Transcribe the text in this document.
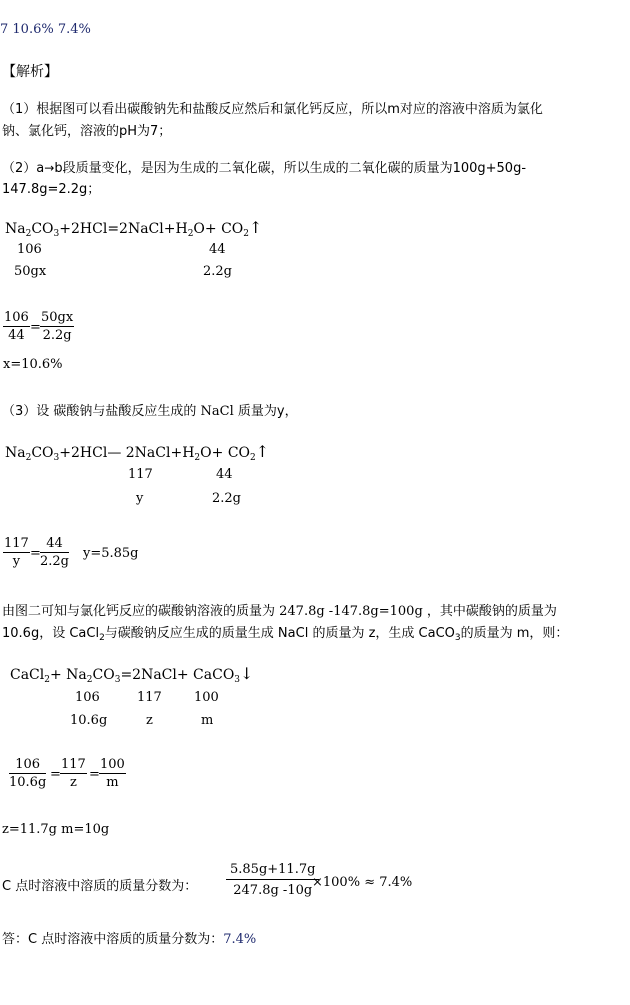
7 10.6% 7.4%
【解析】
（1）根据图可以看出碳酸钠先和盐酸反应然后和氯化钙反应，所以m对应的溶液中溶质为氯化
钠、氯化钙，溶液的pH为7；
（2）a→b段质量变化，是因为生成的二氧化碳，所以生成的二氧化碳的质量为100g+50g-
147.8g=2.2g；
$Na_2CO_3+2HCl=2NaCl+H_2O+$ $CO_2↑$
106	44
50gx	2.2g
$\frac{106}{44} = \frac{50gx}{2.2g}$
x=10.6%
（3）设 碳酸钠与盐酸反应生成的 NaCl 质量为y，
$Na_2CO_3+2HCl—$ $2NaCl+H_2O+$ $CO_2↑$
117	44
y	2.2g
$\frac{117}{y} = \frac{44}{2.2g} y=5.85g$
由图二可知与氯化钙反应的碳酸钠溶液的质量为 247.8g -147.8g=100g ，其中碳酸钠的质量为
10.6g，设 CaCl$_2$与碳酸钠反应生成的质量生成 NaCl 的质量为 z，生成 CaCO$_3$的质量为 m，则：
CaCl$_2$+ $Na_2CO_3=2NaCl+$ CaCO$_3$↓
106	117 100
10.6g	z	m
$\frac{106}{10.6g} = \frac{117}{z} = \frac{100}{m}$
z=11.7g m=10g
C 点时溶液中溶质的质量分数为： $\frac{5.85g+11.7g}{247.8g -10g}$
×100% ≈ 7.4%
答：C 点时溶液中溶质的质量分数为：7.4%
